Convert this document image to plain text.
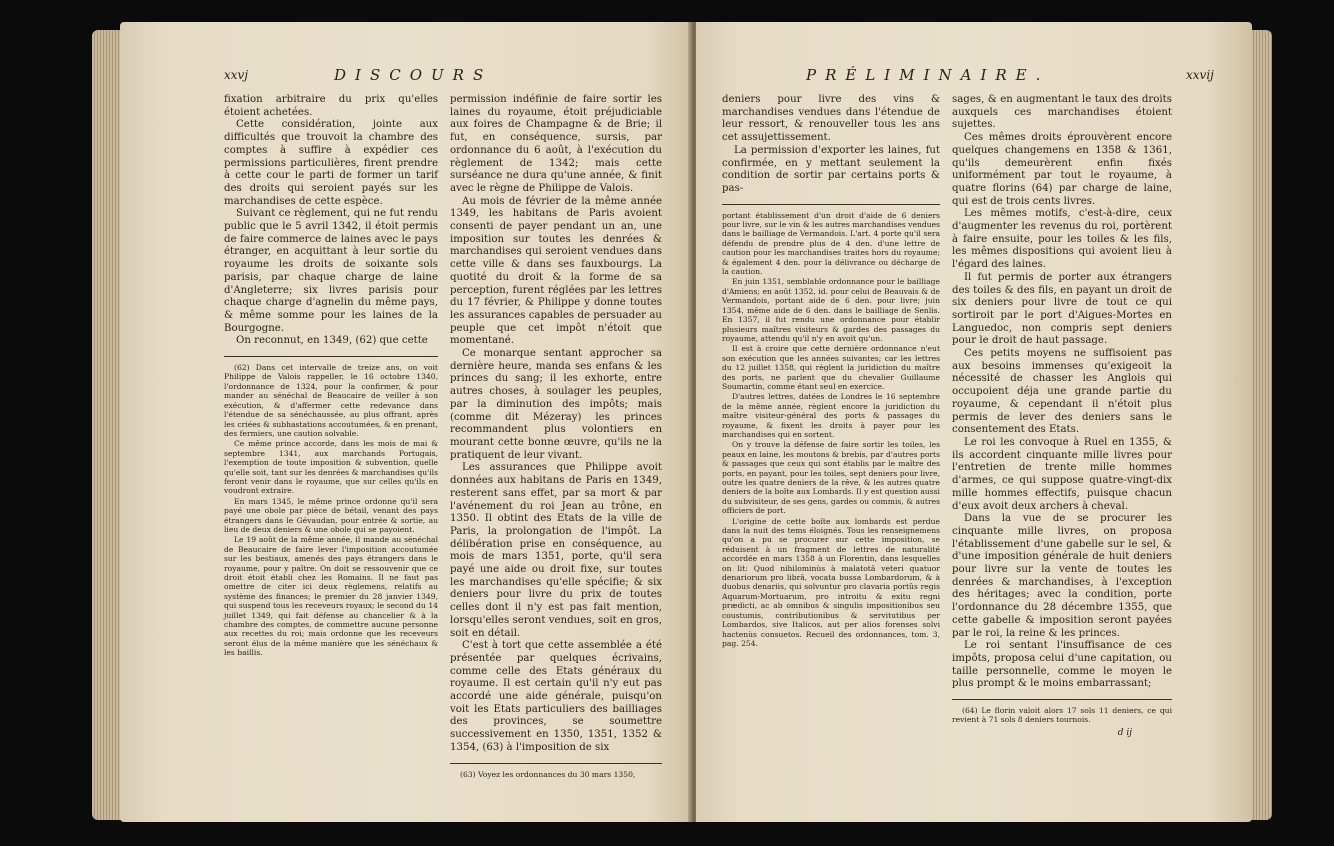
xxvj	DISCOURS

fixation arbitraire du prix qu'elles étoient achetées.

Cette considération, jointe aux difficultés que trouvoit la chambre des comptes à suffire à expédier ces permissions particulières, firent prendre à cette cour le parti de former un tarif des droits qui seroient payés sur les marchandises de cette espèce.

Suivant ce règlement, qui ne fut rendu public que le 5 avril 1342, il étoit permis de faire commerce de laines avec le pays étranger, en acquittant à leur sortie du royaume les droits de soixante sols parisis, par chaque charge de laine d'Angleterre; six livres parisis pour chaque charge d'agnelin du même pays, & même somme pour les laines de la Bourgogne.

On reconnut, en 1349, (62) que cette

(62) Dans cet intervalle de treize ans, on voit Philippe de Valois rappeller, le 16 octobre 1340, l'ordonnance de 1324, pour la confirmer, & pour mander au sénéchal de Beaucaire de veiller à son exécution, & d'affermer cette redevance dans l'étendue de sa sénéchaussée, au plus offrant, après les criées & subhastations accoutumées, & en prenant, des fermiers, une caution solvable.

Ce même prince accorde, dans les mois de mai & septembre 1341, aux marchands Portugais, l'exemption de toute imposition & subvention, quelle qu'elle soit, tant sur les denrées & marchandises qu'ils feront venir dans le royaume, que sur celles qu'ils en voudront extraire.

En mars 1345, le même prince ordonne qu'il sera payé une obole par pièce de bétail, venant des pays étrangers dans le Gévaudan, pour entrée & sortie, au lieu de deux deniers & une obole qui se payoient.

Le 19 août de la même année, il mande au sénéchal de Beaucaire de faire lever l'imposition accoutumée sur les bestiaux, amenés des pays étrangers dans le royaume, pour y paître. On doit se ressouvenir que ce droit étoit établi chez les Romains. Il ne faut pas omettre de citer ici deux règlemens, relatifs au système des finances; le premier du 28 janvier 1349, qui suspend tous les receveurs royaux; le second du 14 juillet 1349, qui fait défense au chancelier & à la chambre des comptes, de commettre aucune personne aux recettes du roi; mais ordonne que les receveurs seront élus de la même manière que les sénéchaux & les baillis.

permission indéfinie de faire sortir les laines du royaume, étoit préjudiciable aux foires de Champagne & de Brie; il fut, en conséquence, sursis, par ordonnance du 6 août, à l'exécution du règlement de 1342; mais cette surséance ne dura qu'une année, & finit avec le règne de Philippe de Valois.

Au mois de février de la même année 1349, les habitans de Paris avoient consenti de payer pendant un an, une imposition sur toutes les denrées & marchandises qui seroient vendues dans cette ville & dans ses fauxbourgs. La quotité du droit & la forme de sa perception, furent réglées par les lettres du 17 février, & Philippe y donne toutes les assurances capables de persuader au peuple que cet impôt n'étoit que momentané.

Ce monarque sentant approcher sa dernière heure, manda ses enfans & les princes du sang; il les exhorte, entre autres choses, à soulager les peuples, par la diminution des impôts; mais (comme dit Mézeray) les princes recommandent plus volontiers en mourant cette bonne œuvre, qu'ils ne la pratiquent de leur vivant.

Les assurances que Philippe avoit données aux habitans de Paris en 1349, resterent sans effet, par sa mort & par l'avénement du roi Jean au trône, en 1350. Il obtint des Etats de la ville de Paris, la prolongation de l'impôt. La délibération prise en conséquence, au mois de mars 1351, porte, qu'il sera payé une aide ou droit fixe, sur toutes les marchandises qu'elle spécifie; & six deniers pour livre du prix de toutes celles dont il n'y est pas fait mention, lorsqu'elles seront vendues, soit en gros, soit en détail.

C'est à tort que cette assemblée a été présentée par quelques écrivains, comme celle des Etats généraux du royaume. Il est certain qu'il n'y eut pas accordé une aide générale, puisqu'on voit les Etats particuliers des bailliages des provinces, se soumettre successivement en 1350, 1351, 1352 & 1354, (63) à l'imposition de six

(63) Voyez les ordonnances du 30 mars 1350,

PRÉLIMINAIRE.	xxvij

deniers pour livre des vins & marchandises vendues dans l'étendue de leur ressort, & renouveller tous les ans cet assujettissement.

La permission d'exporter les laines, fut confirmée, en y mettant seulement la condition de sortir par certains ports & pas-

portant établissement d'un droit d'aide de 6 deniers pour livre, sur le vin & les autres marchandises vendues dans le bailliage de Vermandois. L'art. 4 porte qu'il sera défendu de prendre plus de 4 den. d'une lettre de caution pour les marchandises traites hors du royaume; & également 4 den. pour la délivrance ou décharge de la caution.

En juin 1351, semblable ordonnance pour le bailliage d'Amiens; en août 1352, id. pour celui de Beauvais & de Vermandois, portant aide de 6 den. pour livre; juin 1354, même aide de 6 den. dans le bailliage de Senlis. En 1357, il fut rendu une ordonnance pour établir plusieurs maîtres visiteurs & gardes des passages du royaume, attendu qu'il n'y en avoit qu'un.

Il est à croire que cette dernière ordonnance n'eut son exécution que les années suivantes; car les lettres du 12 juillet 1358, qui règlent la juridiction du maître des ports, ne parlent que du chevalier Guillaume Soumartin, comme étant seul en exercice.

D'autres lettres, datées de Londres le 16 septembre de la même année, règlent encore la juridiction du maître visiteur-général des ports & passages du royaume, & fixent les droits à payer pour les marchandises qui en sortent.

On y trouve la défense de faire sortir les toiles, les peaux en laine, les moutons & brebis, par d'autres ports & passages que ceux qui sont établis par le maître des ports, en payant, pour les toiles, sept deniers pour livre, outre les quatre deniers de la rêve, & les autres quatre deniers de la boîte aux Lombards. Il y est question aussi du subvisiteur, de ses gens, gardes ou commis, & autres officiers de port.

L'origine de cette boîte aux lombards est perdue dans la nuit des tems éloignés. Tous les renseignemens qu'on a pu se procurer sur cette imposition, se réduisent à un fragment de lettres de naturalité accordée en mars 1358 à un Florentin, dans lesquelles on lit: Quod nihilominùs à malatotâ veteri quatuor denariorum pro librâ, vocata bussa Lombardorum, & à duobus denariis, qui solvuntur pro clavaria portûs regis Aquarum-Mortuarum, pro introitu & exitu regni prædicti, ac ab omnibus & singulis impositionibus seu coustumis, contributionibus & servitutibus per Lombardos, sive Italicos, aut per alios forenses solvi hactenùs consuetos. Recueil des ordonnances, tom. 3, pag. 254.

sages, & en augmentant le taux des droits auxquels ces marchandises étoient sujettes.

Ces mêmes droits éprouvèrent encore quelques changemens en 1358 & 1361, qu'ils demeurèrent enfin fixés uniformément par tout le royaume, à quatre florins (64) par charge de laine, qui est de trois cents livres.

Les mêmes motifs, c'est-à-dire, ceux d'augmenter les revenus du roi, portèrent à faire ensuite, pour les toiles & les fils, les mêmes dispositions qui avoient lieu à l'égard des laines.

Il fut permis de porter aux étrangers des toiles & des fils, en payant un droit de six deniers pour livre de tout ce qui sortiroit par le port d'Aigues-Mortes en Languedoc, non compris sept deniers pour le droit de haut passage.

Ces petits moyens ne suffisoient pas aux besoins immenses qu'exigeoit la nécessité de chasser les Anglois qui occupoient déja une grande partie du royaume, & cependant il n'étoit plus permis de lever des deniers sans le consentement des Etats.

Le roi les convoque à Ruel en 1355, & ils accordent cinquante mille livres pour l'entretien de trente mille hommes d'armes, ce qui suppose quatre-vingt-dix mille hommes effectifs, puisque chacun d'eux avoit deux archers à cheval.

Dans la vue de se procurer les cinquante mille livres, on proposa l'établissement d'une gabelle sur le sel, & d'une imposition générale de huit deniers pour livre sur la vente de toutes les denrées & marchandises, à l'exception des héritages; avec la condition, porte l'ordonnance du 28 décembre 1355, que cette gabelle & imposition seront payées par le roi, la reine & les princes.

Le roi sentant l'insuffisance de ces impôts, proposa celui d'une capitation, ou taille personnelle, comme le moyen le plus prompt & le moins embarrassant;

(64) Le florin valoit alors 17 sols 11 deniers, ce qui revient à 71 sols 8 deniers tournois.

d ij
